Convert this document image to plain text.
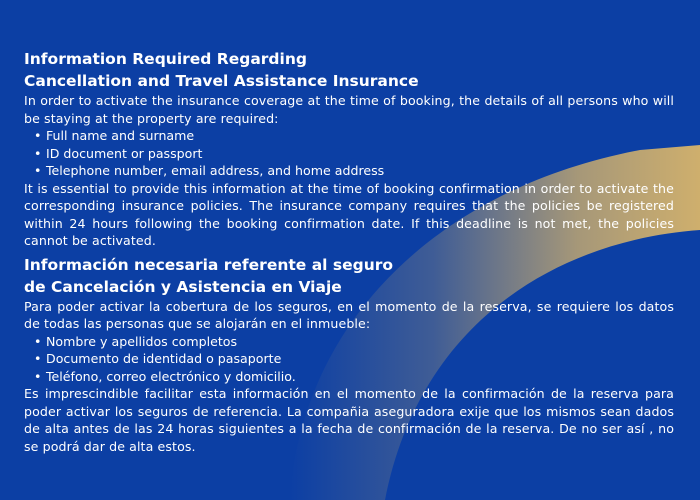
Information Required Regarding
Cancellation and Travel Assistance Insurance

In order to activate the insurance coverage at the time of booking, the details of all persons who will be staying at the property are required:

• Full name and surname
• ID document or passport
• Telephone number, email address, and home address

It is essential to provide this information at the time of booking confirmation in order to activate the corresponding insurance policies. The insurance company requires that the policies be registered within 24 hours following the booking confirmation date. If this deadline is not met, the policies cannot be activated.

Información necesaria referente al seguro
de Cancelación y Asistencia en Viaje

Para poder activar la cobertura de los seguros, en el momento de la reserva, se requiere los datos de todas las personas que se alojarán en el inmueble:

• Nombre y apellidos completos
• Documento de identidad o pasaporte
• Teléfono, correo electrónico y domicilio.

Es imprescindible facilitar esta información en el momento de la confirmación de la reserva para poder activar los seguros de referencia. La compañia aseguradora exije que los mismos sean dados de alta antes de las 24 horas siguientes a la fecha de confirmación de la reserva. De no ser así , no se podrá dar de alta estos.
